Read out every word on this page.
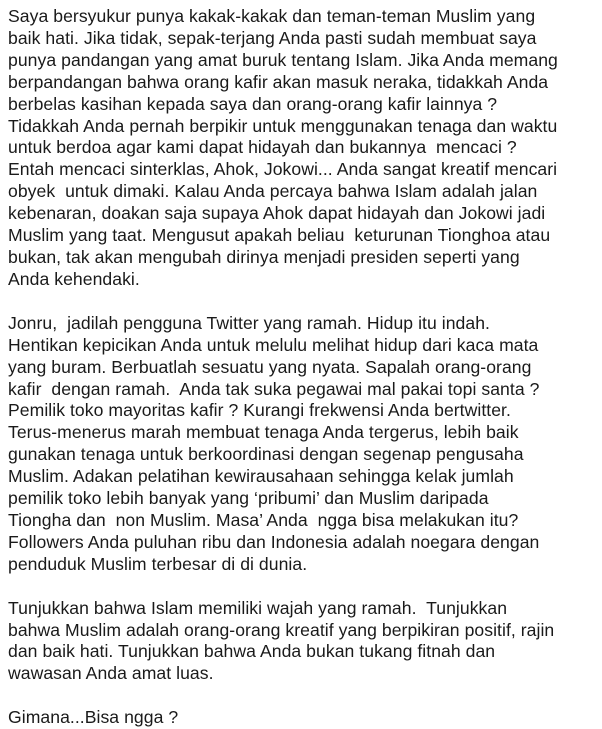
Saya bersyukur punya kakak-kakak dan teman-teman Muslim yang
baik hati. Jika tidak, sepak-terjang Anda pasti sudah membuat saya
punya pandangan yang amat buruk tentang Islam. Jika Anda memang
berpandangan bahwa orang kafir akan masuk neraka, tidakkah Anda
berbelas kasihan kepada saya dan orang-orang kafir lainnya ?
Tidakkah Anda pernah berpikir untuk menggunakan tenaga dan waktu
untuk berdoa agar kami dapat hidayah dan bukannya  mencaci ?
Entah mencaci sinterklas, Ahok, Jokowi... Anda sangat kreatif mencari
obyek  untuk dimaki. Kalau Anda percaya bahwa Islam adalah jalan
kebenaran, doakan saja supaya Ahok dapat hidayah dan Jokowi jadi
Muslim yang taat. Mengusut apakah beliau  keturunan Tionghoa atau
bukan, tak akan mengubah dirinya menjadi presiden seperti yang
Anda kehendaki.
Jonru,  jadilah pengguna Twitter yang ramah. Hidup itu indah.
Hentikan kepicikan Anda untuk melulu melihat hidup dari kaca mata
yang buram. Berbuatlah sesuatu yang nyata. Sapalah orang-orang
kafir  dengan ramah.  Anda tak suka pegawai mal pakai topi santa ?
Pemilik toko mayoritas kafir ? Kurangi frekwensi Anda bertwitter.
Terus-menerus marah membuat tenaga Anda tergerus, lebih baik
gunakan tenaga untuk berkoordinasi dengan segenap pengusaha
Muslim. Adakan pelatihan kewirausahaan sehingga kelak jumlah
pemilik toko lebih banyak yang ‘pribumi’ dan Muslim daripada
Tiongha dan  non Muslim. Masa’ Anda  ngga bisa melakukan itu?
Followers Anda puluhan ribu dan Indonesia adalah noegara dengan
penduduk Muslim terbesar di di dunia.
Tunjukkan bahwa Islam memiliki wajah yang ramah.  Tunjukkan
bahwa Muslim adalah orang-orang kreatif yang berpikiran positif, rajin
dan baik hati. Tunjukkan bahwa Anda bukan tukang fitnah dan
wawasan Anda amat luas.
Gimana...Bisa ngga ?
